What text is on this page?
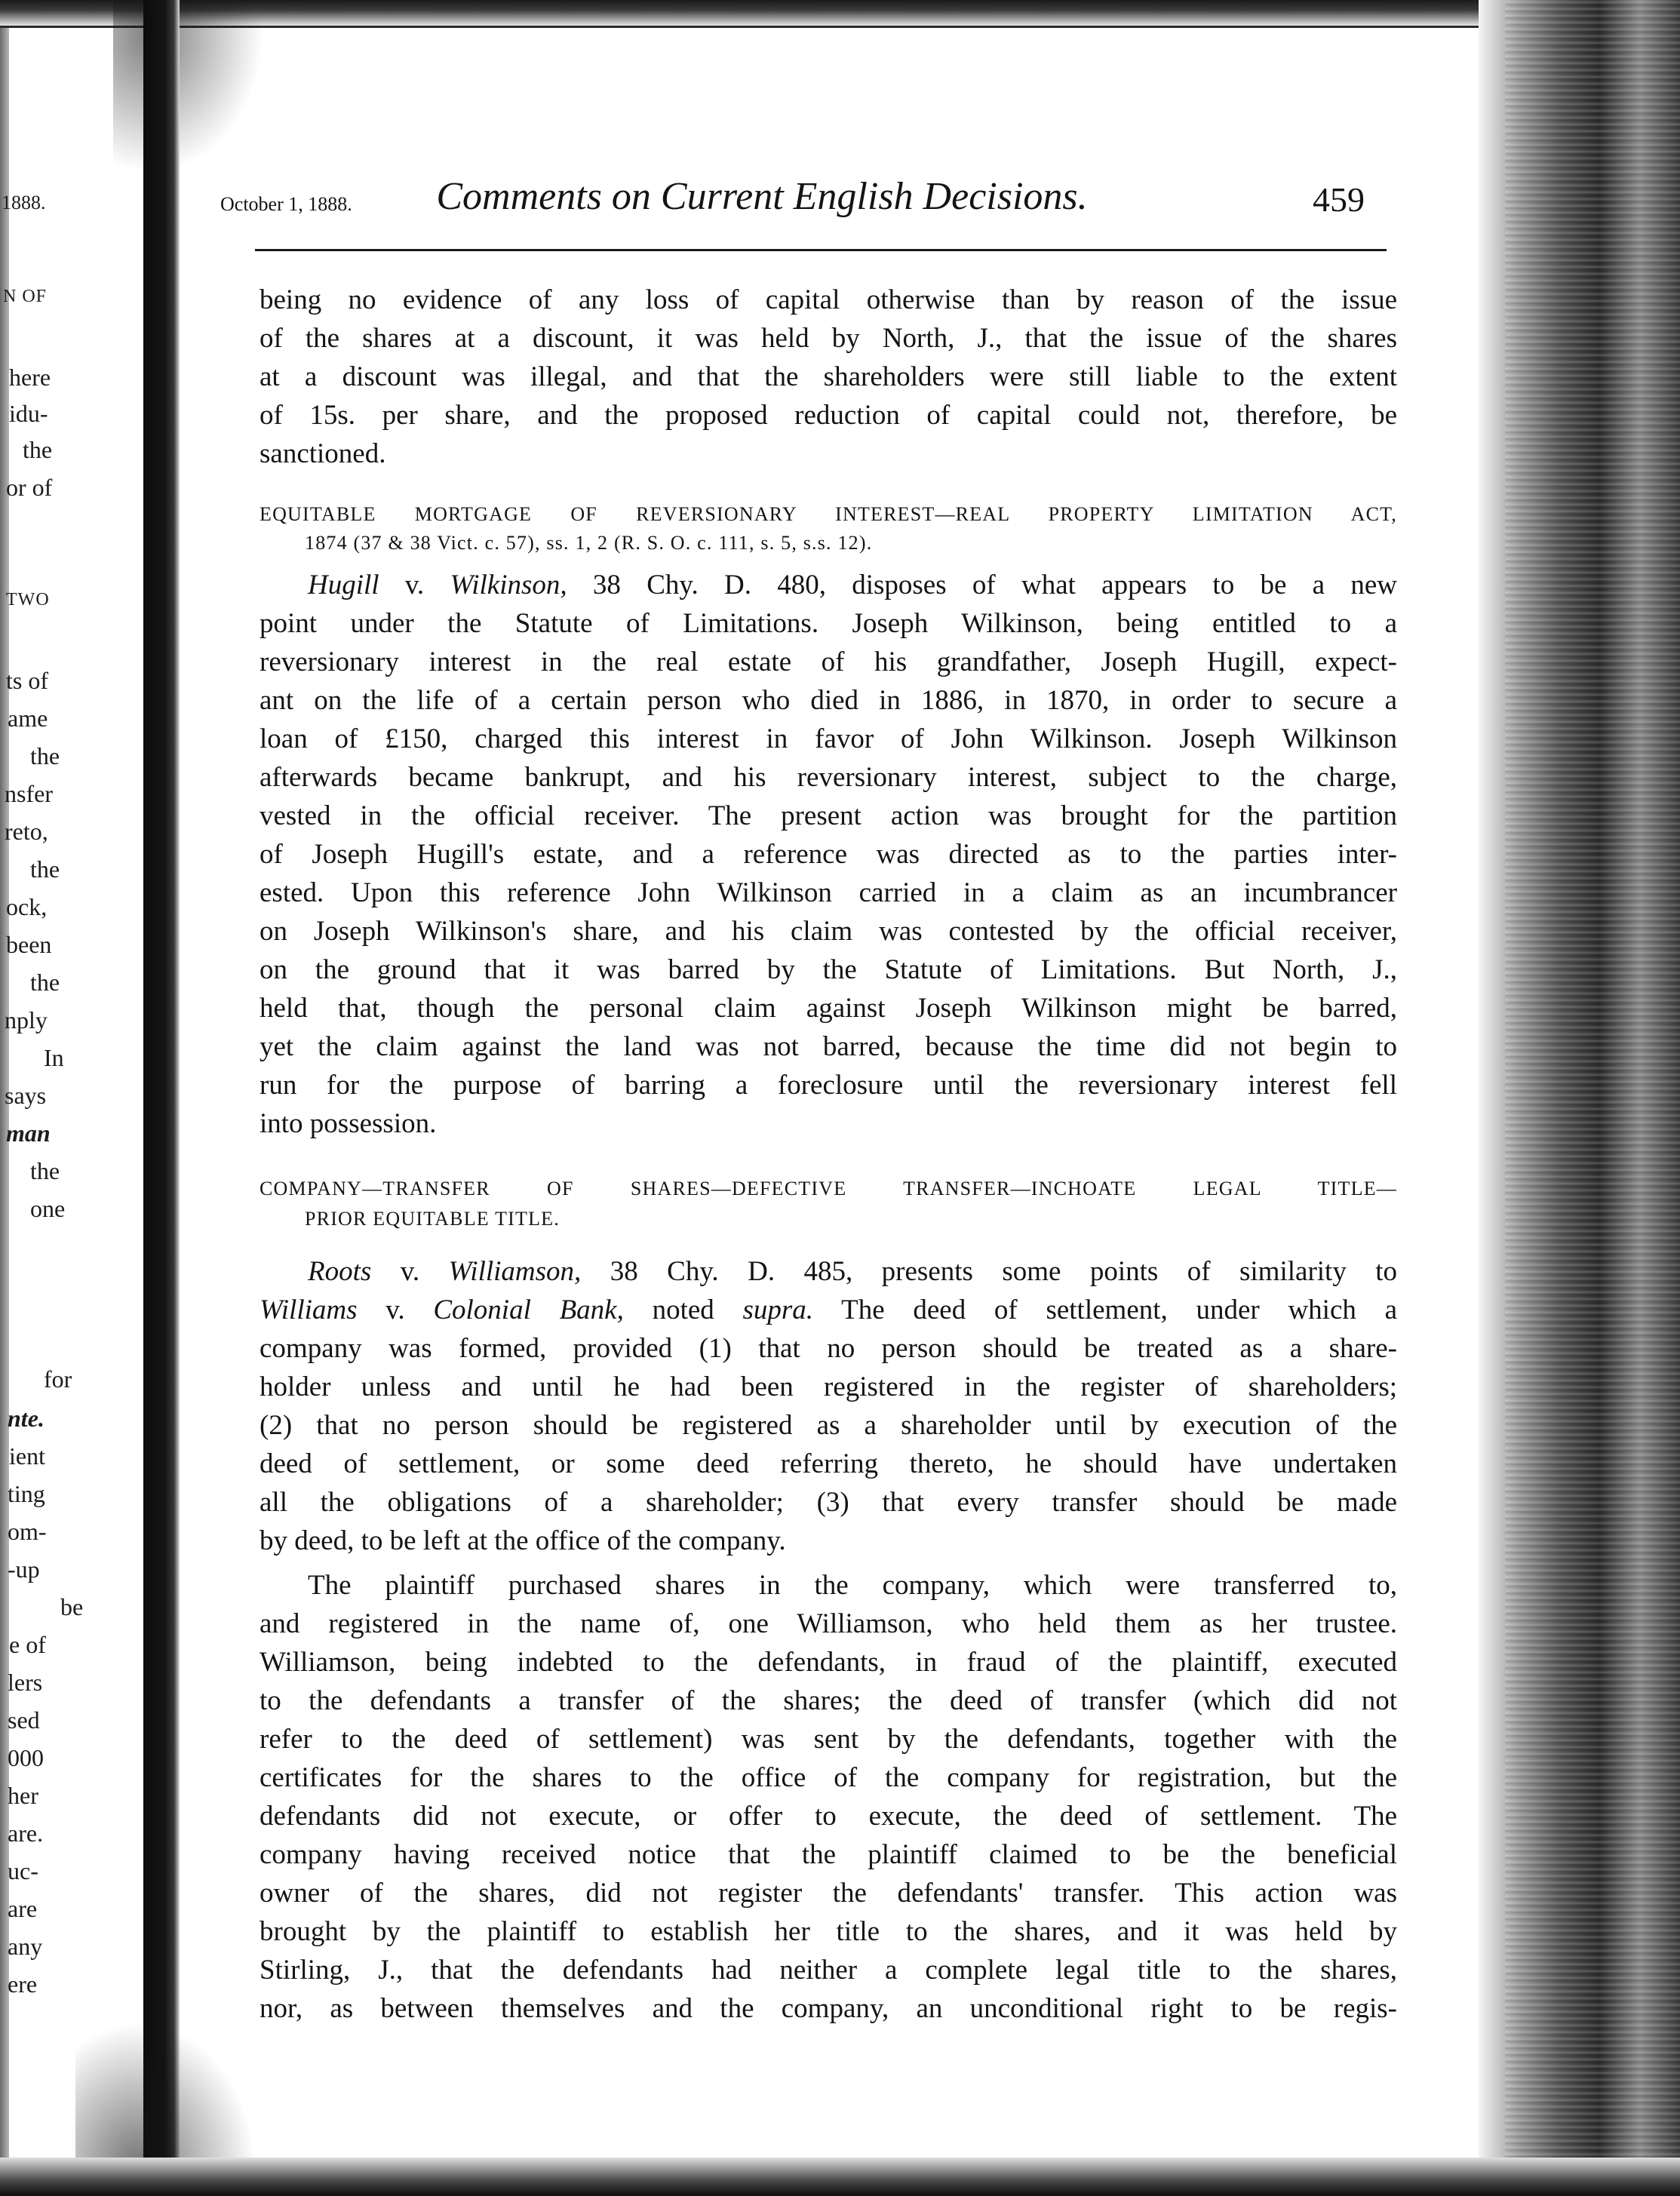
1888.
N OF
here
idu-
the
or of
TWO
ts of
ame
the
nsfer
reto,
the
ock,
been
the
nply
In
says
man
the
one
for
nte.
ient
ting
om-
-up
be
e of
lers
sed
000
her
are.
uc-
are
any
ere
October 1, 1888.	Comments on Current English Decisions.	459
being no evidence of any loss of capital otherwise than by reason of the issue
of the shares at a discount, it was held by North, J., that the issue of the shares
at a discount was illegal, and that the shareholders were still liable to the extent
of 15s. per share, and the proposed reduction of capital could not, therefore, be
sanctioned.
EQUITABLE MORTGAGE OF REVERSIONARY INTEREST—REAL PROPERTY LIMITATION ACT,
1874 (37 & 38 Vict. c. 57), ss. 1, 2 (R. S. O. c. 111, s. 5, s.s. 12).
Hugill v. Wilkinson, 38 Chy. D. 480, disposes of what appears to be a new
point under the Statute of Limitations. Joseph Wilkinson, being entitled to a
reversionary interest in the real estate of his grandfather, Joseph Hugill, expect-
ant on the life of a certain person who died in 1886, in 1870, in order to secure a
loan of £150, charged this interest in favor of John Wilkinson. Joseph Wilkinson
afterwards became bankrupt, and his reversionary interest, subject to the charge,
vested in the official receiver. The present action was brought for the partition
of Joseph Hugill's estate, and a reference was directed as to the parties inter-
ested. Upon this reference John Wilkinson carried in a claim as an incumbrancer
on Joseph Wilkinson's share, and his claim was contested by the official receiver,
on the ground that it was barred by the Statute of Limitations. But North, J.,
held that, though the personal claim against Joseph Wilkinson might be barred,
yet the claim against the land was not barred, because the time did not begin to
run for the purpose of barring a foreclosure until the reversionary interest fell
into possession.
COMPANY—TRANSFER OF SHARES—DEFECTIVE TRANSFER—INCHOATE LEGAL TITLE—
PRIOR EQUITABLE TITLE.
Roots v. Williamson, 38 Chy. D. 485, presents some points of similarity to
Williams v. Colonial Bank, noted supra. The deed of settlement, under which a
company was formed, provided (1) that no person should be treated as a share-
holder unless and until he had been registered in the register of shareholders;
(2) that no person should be registered as a shareholder until by execution of the
deed of settlement, or some deed referring thereto, he should have undertaken
all the obligations of a shareholder; (3) that every transfer should be made
by deed, to be left at the office of the company.
The plaintiff purchased shares in the company, which were transferred to,
and registered in the name of, one Williamson, who held them as her trustee.
Williamson, being indebted to the defendants, in fraud of the plaintiff, executed
to the defendants a transfer of the shares; the deed of transfer (which did not
refer to the deed of settlement) was sent by the defendants, together with the
certificates for the shares to the office of the company for registration, but the
defendants did not execute, or offer to execute, the deed of settlement. The
company having received notice that the plaintiff claimed to be the beneficial
owner of the shares, did not register the defendants' transfer. This action was
brought by the plaintiff to establish her title to the shares, and it was held by
Stirling, J., that the defendants had neither a complete legal title to the shares,
nor, as between themselves and the company, an unconditional right to be regis-
